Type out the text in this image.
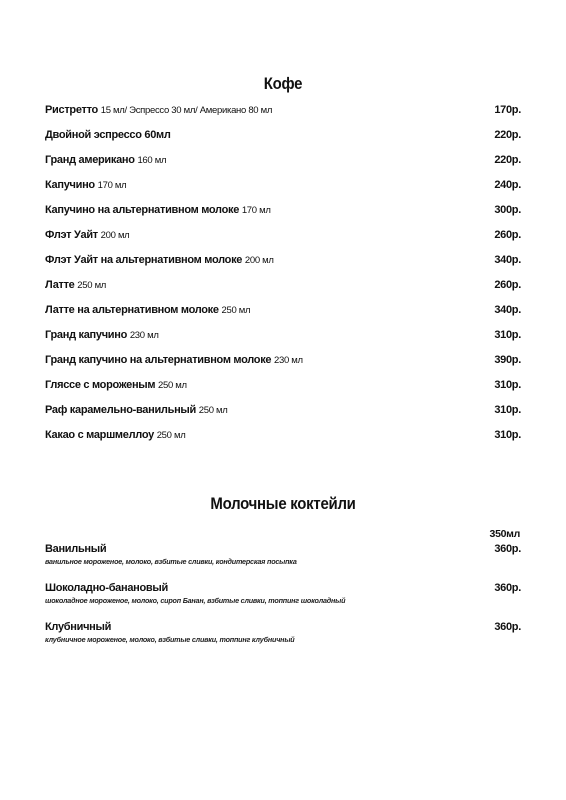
Кофе
Ристретто 15 мл/ Эспрессо 30 мл/ Американо 80 мл	170р.
Двойной эспрессо 60мл	220р.
Гранд американо 160 мл	220р.
Капучино 170 мл	240р.
Капучино на альтернативном молоке 170 мл	300р.
Флэт Уайт 200 мл	260р.
Флэт Уайт на альтернативном молоке 200 мл	340р.
Латте 250 мл	260р.
Латте на альтернативном молоке 250 мл	340р.
Гранд капучино 230 мл	310р.
Гранд капучино на альтернативном молоке 230 мл	390р.
Гляссе с мороженым 250 мл	310р.
Раф карамельно-ванильный 250 мл	310р.
Какао с маршмеллоу 250 мл	310р.
Молочные коктейли
350мл
Ванильный	360р.
ванильное мороженое, молоко, взбитые сливки, кондитерская посыпка
Шоколадно-банановый	360р.
шоколадное мороженое, молоко, сироп Банан, взбитые сливки, топпинг шоколадный
Клубничный	360р.
клубничное мороженое, молоко, взбитые сливки, топпинг клубничный
